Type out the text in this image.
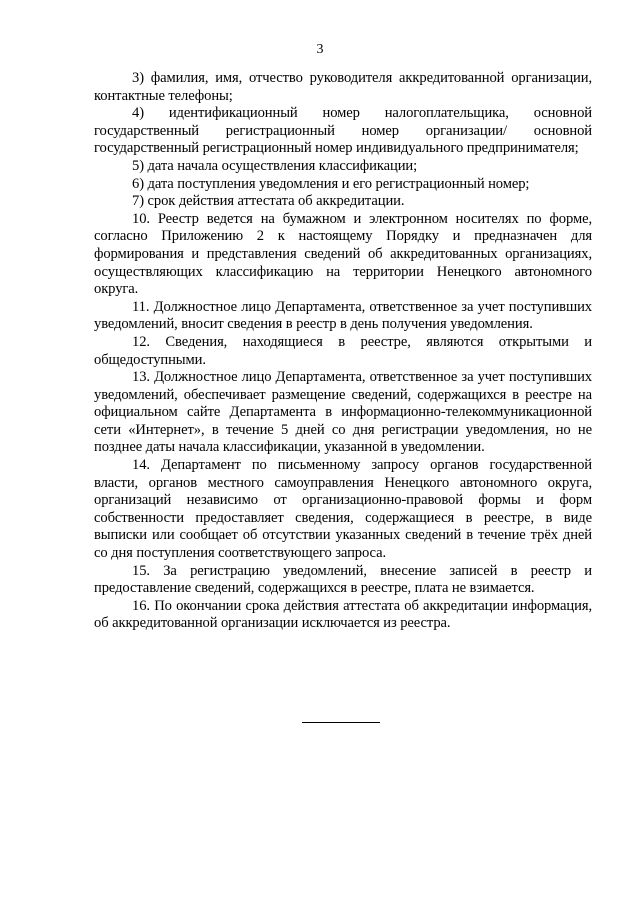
3

3) фамилия, имя, отчество руководителя аккредитованной организации, контактные телефоны;

4) идентификационный номер налогоплательщика, основной государственный регистрационный номер организации/ основной государственный регистрационный номер индивидуального предпринимателя;

5) дата начала осуществления классификации;

6) дата поступления уведомления и его регистрационный номер;

7) срок действия аттестата об аккредитации.

10. Реестр ведется на бумажном и электронном носителях по форме, согласно Приложению 2 к настоящему Порядку и предназначен для формирования и представления сведений об аккредитованных организациях, осуществляющих классификацию на территории Ненецкого автономного округа.

11. Должностное лицо Департамента, ответственное за учет поступивших уведомлений, вносит сведения в реестр в день получения уведомления.

12. Сведения, находящиеся в реестре, являются открытыми и общедоступными.

13. Должностное лицо Департамента, ответственное за учет поступивших уведомлений, обеспечивает размещение сведений, содержащихся в реестре на официальном сайте Департамента в информационно-телекоммуникационной сети «Интернет», в течение 5 дней со дня регистрации уведомления, но не позднее даты начала классификации, указанной в уведомлении.

14. Департамент по письменному запросу органов государственной власти, органов местного самоуправления Ненецкого автономного округа, организаций независимо от организационно-правовой формы и форм собственности предоставляет сведения, содержащиеся в реестре, в виде выписки или сообщает об отсутствии указанных сведений в течение трёх дней со дня поступления соответствующего запроса.

15. За регистрацию уведомлений, внесение записей в реестр и предоставление сведений, содержащихся в реестре, плата не взимается.

16. По окончании срока действия аттестата об аккредитации информация, об аккредитованной организации исключается из реестра.
